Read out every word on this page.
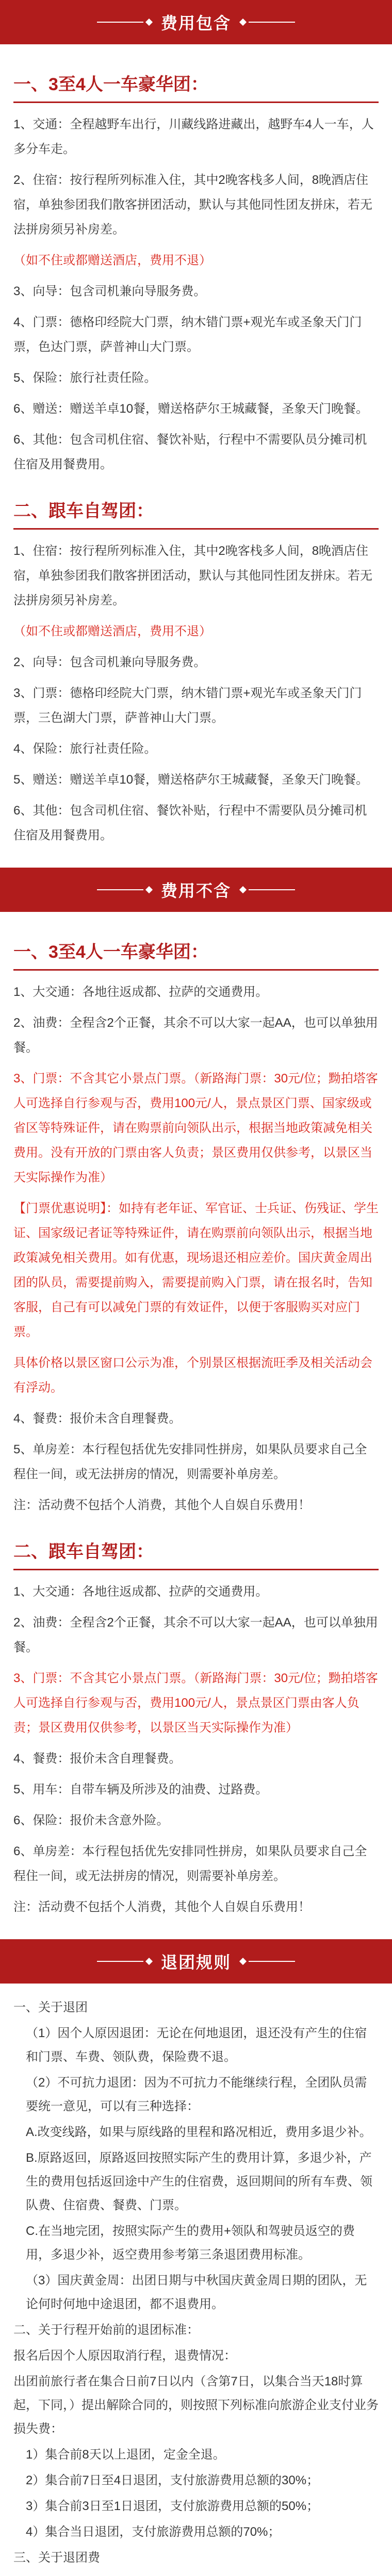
费用包含
一、3至4人一车豪华团：

1、交通：全程越野车出行，川藏线路进藏出，越野车4人一车，人多分车走。

2、住宿：按行程所列标准入住，其中2晚客栈多人间，8晚酒店住宿，单独参团我们散客拼团活动，默认与其他同性团友拼床，若无法拼房须另补房差。

（如不住或都赠送酒店，费用不退）

3、向导：包含司机兼向导服务费。

4、门票：德格印经院大门票，纳木错门票+观光车或圣象天门门票，色达门票，萨普神山大门票。

5、保险：旅行社责任险。

6、赠送：赠送羊卓10餐，赠送格萨尔王城藏餐，圣象天门晚餐。

6、其他：包含司机住宿、餐饮补贴，行程中不需要队员分摊司机住宿及用餐费用。

二、跟车自驾团：

1、住宿：按行程所列标准入住，其中2晚客栈多人间，8晚酒店住宿，单独参团我们散客拼团活动，默认与其他同性团友拼床。若无法拼房须另补房差。

（如不住或都赠送酒店，费用不退）

2、向导：包含司机兼向导服务费。

3、门票：德格印经院大门票，纳木错门票+观光车或圣象天门门票，三色湖大门票，萨普神山大门票。

4、保险：旅行社责任险。

5、赠送：赠送羊卓10餐，赠送格萨尔王城藏餐，圣象天门晚餐。

6、其他：包含司机住宿、餐饮补贴，行程中不需要队员分摊司机住宿及用餐费用。

费用不含
一、3至4人一车豪华团：

1、大交通：各地往返成都、拉萨的交通费用。

2、油费：全程含2个正餐，其余不可以大家一起AA，也可以单独用餐。

3、门票：不含其它小景点门票。（新路海门票：30元/位；黝拍塔客人可选择自行参观与否，费用100元/人，景点景区门票、国家级或省区等特殊证件，请在购票前向领队出示，根据当地政策减免相关费用。没有开放的门票由客人负责；景区费用仅供参考，以景区当天实际操作为准）

【门票优惠说明】：如持有老年证、军官证、士兵证、伤残证、学生证、国家级记者证等特殊证件，请在购票前向领队出示，根据当地政策减免相关费用。如有优惠，现场退还相应差价。国庆黄金周出团的队员，需要提前购入，需要提前购入门票，请在报名时，告知客服，自己有可以减免门票的有效证件，以便于客服购买对应门票。

具体价格以景区窗口公示为准，个别景区根据流旺季及相关活动会有浮动。

4、餐费：报价未含自理餐费。

5、单房差：本行程包括优先安排同性拼房，如果队员要求自己全程住一间，或无法拼房的情况，则需要补单房差。

注：活动费不包括个人消费，其他个人自娱自乐费用！

二、跟车自驾团：

1、大交通：各地往返成都、拉萨的交通费用。

2、油费：全程含2个正餐，其余不可以大家一起AA，也可以单独用餐。

3、门票：不含其它小景点门票。（新路海门票：30元/位；黝拍塔客人可选择自行参观与否，费用100元/人，景点景区门票由客人负责；景区费用仅供参考，以景区当天实际操作为准）

4、餐费：报价未含自理餐费。

5、用车：自带车辆及所涉及的油费、过路费。

6、保险：报价未含意外险。

6、单房差：本行程包括优先安排同性拼房，如果队员要求自己全程住一间，或无法拼房的情况，则需要补单房差。

注：活动费不包括个人消费，其他个人自娱自乐费用！

退团规则

一、关于退团

（1）因个人原因退团：无论在何地退团，退还没有产生的住宿和门票、车费、领队费，保险费不退。

（2）不可抗力退团：因为不可抗力不能继续行程，全团队员需要统一意见，可以有三种选择：

A.改变线路，如果与原线路的里程和路况相近，费用多退少补。

B.原路返回，原路返回按照实际产生的费用计算，多退少补，产生的费用包括返回途中产生的住宿费，返回期间的所有车费、领队费、住宿费、餐费、门票。

C.在当地完团，按照实际产生的费用+领队和驾驶员返空的费用，多退少补，返空费用参考第三条退团费用标准。

（3）国庆黄金周：出团日期与中秋国庆黄金周日期的团队，无论何时何地中途退团，都不退费用。

二、关于行程开始前的退团标准：

报名后因个人原因取消行程，退费情况：

出团前旅行者在集合日前7日以内（含第7日，以集合当天18时算起，下同，）提出解除合同的，则按照下列标准向旅游企业支付业务损失费：

1）集合前8天以上退团，定金全退。

2）集合前7日至4日退团，支付旅游费用总额的30%；

3）集合前3日至1日退团，支付旅游费用总额的50%；

4）集合当日退团，支付旅游费用总额的70%；

三、关于退团费
